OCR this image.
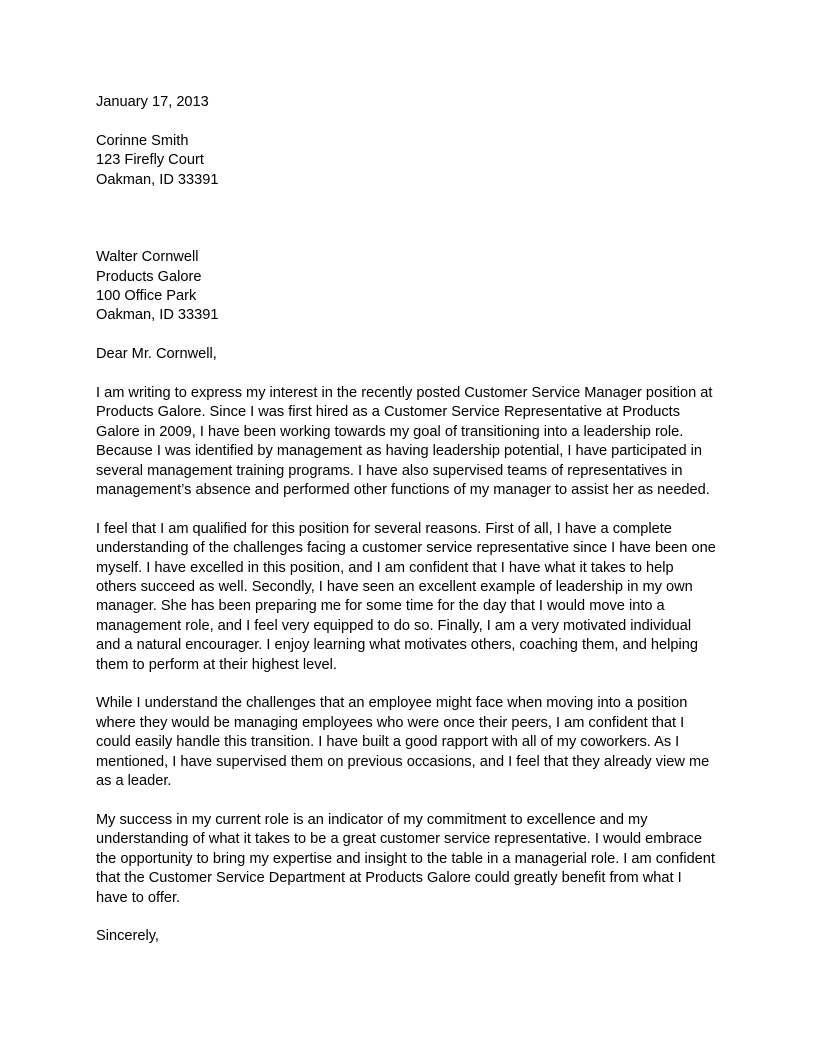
January 17, 2013
Corinne Smith
123 Firefly Court
Oakman, ID 33391
Walter Cornwell
Products Galore
100 Office Park
Oakman, ID 33391
Dear Mr. Cornwell,
I am writing to express my interest in the recently posted Customer Service Manager position at
Products Galore. Since I was first hired as a Customer Service Representative at Products
Galore in 2009, I have been working towards my goal of transitioning into a leadership role.
Because I was identified by management as having leadership potential, I have participated in
several management training programs. I have also supervised teams of representatives in
management’s absence and performed other functions of my manager to assist her as needed.
I feel that I am qualified for this position for several reasons. First of all, I have a complete
understanding of the challenges facing a customer service representative since I have been one
myself. I have excelled in this position, and I am confident that I have what it takes to help
others succeed as well. Secondly, I have seen an excellent example of leadership in my own
manager. She has been preparing me for some time for the day that I would move into a
management role, and I feel very equipped to do so. Finally, I am a very motivated individual
and a natural encourager. I enjoy learning what motivates others, coaching them, and helping
them to perform at their highest level.
While I understand the challenges that an employee might face when moving into a position
where they would be managing employees who were once their peers, I am confident that I
could easily handle this transition. I have built a good rapport with all of my coworkers. As I
mentioned, I have supervised them on previous occasions, and I feel that they already view me
as a leader.
My success in my current role is an indicator of my commitment to excellence and my
understanding of what it takes to be a great customer service representative. I would embrace
the opportunity to bring my expertise and insight to the table in a managerial role. I am confident
that the Customer Service Department at Products Galore could greatly benefit from what I
have to offer.
Sincerely,
